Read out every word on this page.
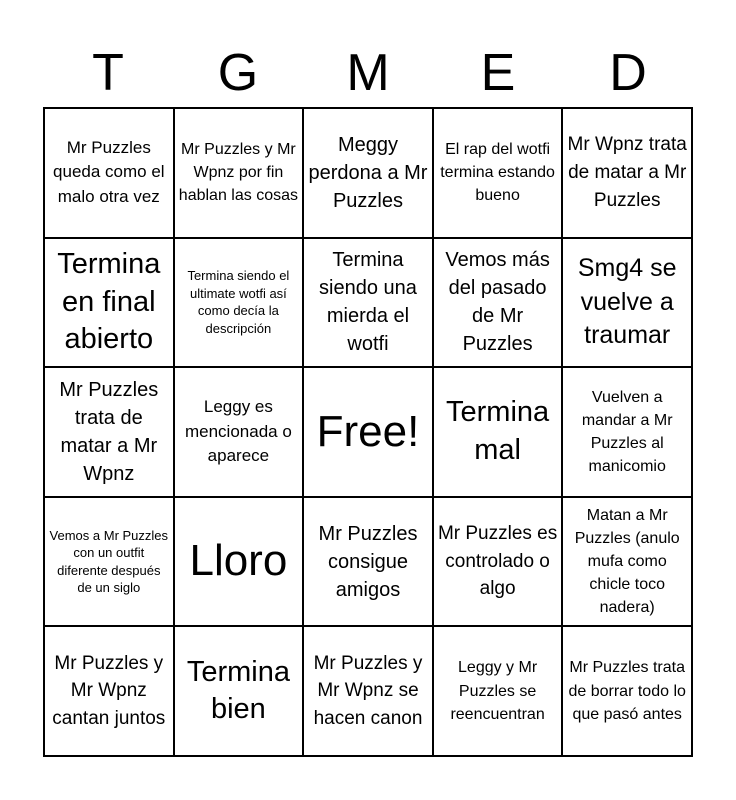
T	G	M	E	D
Mr Puzzles queda como el malo otra vez
Mr Puzzles y Mr Wpnz por fin hablan las cosas
Meggy perdona a Mr Puzzles
El rap del wotfi termina estando bueno
Mr Wpnz trata de matar a Mr Puzzles
Termina en final abierto
Termina siendo el ultimate wotfi así como decía la descripción
Termina siendo una mierda el wotfi
Vemos más del pasado de Mr Puzzles
Smg4 se vuelve a traumar
Mr Puzzles trata de matar a Mr Wpnz
Leggy es mencionada o aparece
Free! Termina mal
Vuelven a mandar a Mr Puzzles al manicomio
Vemos a Mr Puzzles con un outfit diferente después de un siglo
Lloro
Mr Puzzles consigue amigos
Mr Puzzles es controlado o algo
Matan a Mr Puzzles (anulo mufa como chicle toco nadera)
Mr Puzzles y Mr Wpnz cantan juntos
Termina bien
Mr Puzzles y Mr Wpnz se hacen canon
Leggy y Mr Puzzles se reencuentran
Mr Puzzles trata de borrar todo lo que pasó antes
